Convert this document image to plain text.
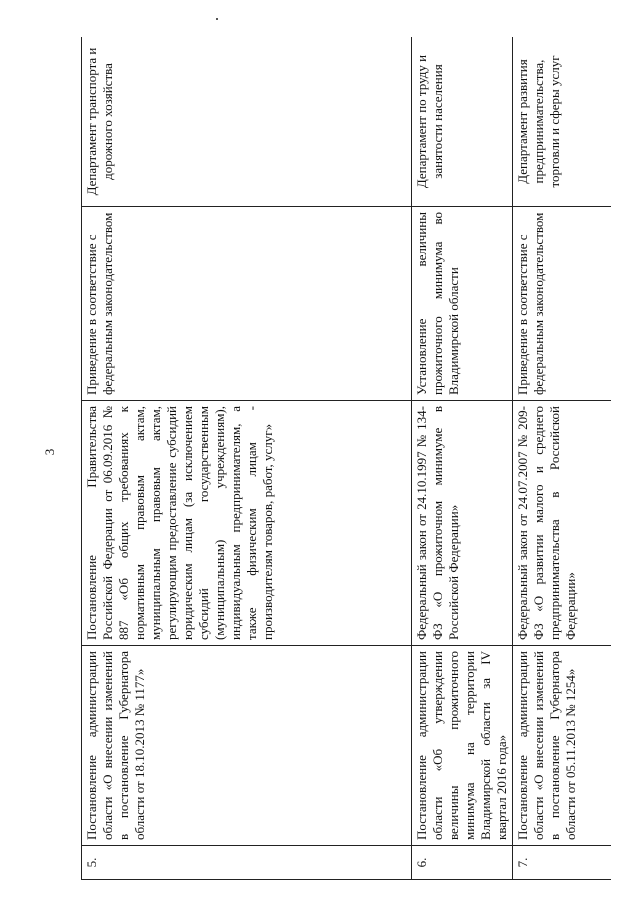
3
5.	Постановление администрации области «О внесении изменений в постановление Губернатора области от 18.10.2013 № 1177»	Постановление Правительства Российской Федерации от 06.09.2016 № 887 «Об общих требованиях к нормативным правовым актам, муниципальным правовым актам, регулирующим предоставление субсидий юридическим лицам (за исключением субсидий государственным (муниципальным) учреждениям), индивидуальным предпринимателям, а также физическим лицам - производителям товаров, работ, услуг»	Приведение в соответствие с федеральным законодательством	Департамент транспорта и дорожного хозяйства
6.	Постановление администрации области «Об утверждении величины прожиточного минимума на территории Владимирской области за IV квартал 2016 года»	Федеральный закон от 24.10.1997 № 134-ФЗ «О прожиточном минимуме в Российской Федерации»	Установление величины прожиточного минимума во Владимирской области	Департамент по труду и занятости населения
7.	Постановление администрации области «О внесении изменений в постановление Губернатора области от 05.11.2013 № 1254»	Федеральный закон от 24.07.2007 № 209-ФЗ «О развитии малого и среднего предпринимательства в Российской Федерации»	Приведение в соответствие с федеральным законодательством	Департамент развития предпринимательства, торговли и сферы услуг
